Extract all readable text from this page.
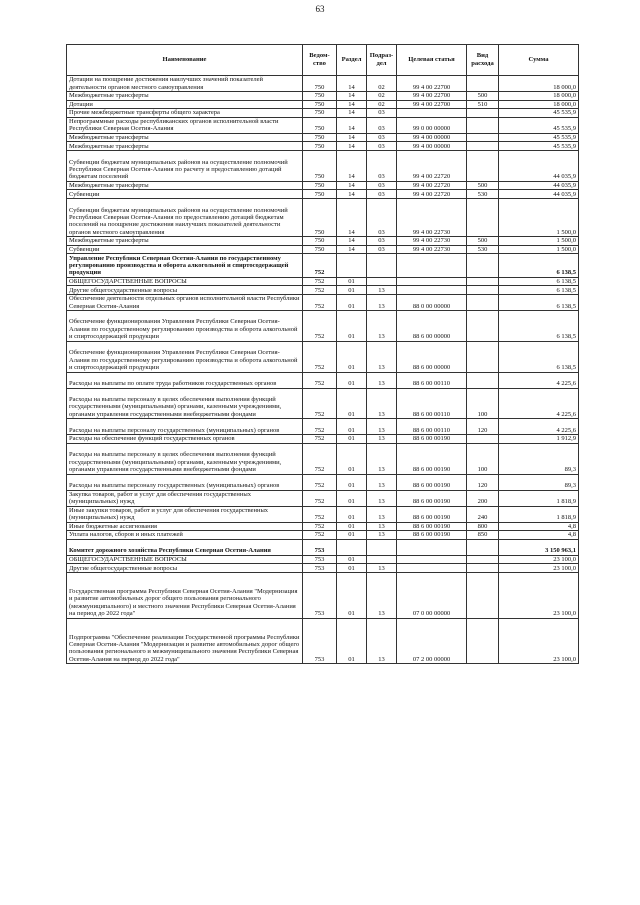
63
Наименование	Ведом-ство	Раздел	Подраз-дел	Целевая статья	Вид расхода	Сумма
Дотации на поощрение достижения наилучших значений показателей деятельности органов местного самоуправления	750	14	02	99 4 00 22700		18 000,0
Межбюджетные трансферты	750	14	02	99 4 00 22700	500	18 000,0
Дотации	750	14	02	99 4 00 22700	510	18 000,0
Прочие межбюджетные трансферты общего характера	750	14	03			45 535,9
Непрограммные расходы республиканских органов исполнительной власти Республики Северная Осетия-Алания	750	14	03	99 0 00 00000		45 535,9
Межбюджетные трансферты	750	14	03	99 4 00 00000		45 535,9
Межбюджетные трансферты	750	14	03	99 4 00 00000		45 535,9
Субвенции бюджетам муниципальных районов на осуществление полномочий Республики Северная Осетия-Алания по расчету и предоставлению дотаций бюджетам поселений	750	14	03	99 4 00 22720		44 035,9
Межбюджетные трансферты	750	14	03	99 4 00 22720	500	44 035,9
Субвенции	750	14	03	99 4 00 22720	530	44 035,9
Субвенции бюджетам муниципальных районов на осуществление полномочий Республики Северная Осетия-Алания по предоставлению дотаций бюджетам поселений на поощрение достижения наилучших показателей деятельности органов местного самоуправления	750	14	03	99 4 00 22730		1 500,0
Межбюджетные трансферты	750	14	03	99 4 00 22730	500	1 500,0
Субвенции	750	14	03	99 4 00 22730	530	1 500,0
Управление Республики Северная Осетия-Алания по государственному регулированию производства и оборота алкогольной и спиртосодержащей продукции	752					6 138,5
ОБЩЕГОСУДАРСТВЕННЫЕ ВОПРОСЫ	752	01				6 138,5
Другие общегосударственные вопросы	752	01	13			6 138,5
Обеспечение деятельности отдельных органов исполнительной власти Республики Северная Осетия-Алания	752	01	13	88 0 00 00000		6 138,5
Обеспечение функционирования Управления Республики Северная Осетия-Алания по государственному регулированию производства и оборота алкогольной и спиртосодержащей продукции	752	01	13	88 6 00 00000		6 138,5
Обеспечение функционирования Управления Республики Северная Осетия-Алания по государственному регулированию производства и оборота алкогольной и спиртосодержащей продукции	752	01	13	88 6 00 00000		6 138,5
Расходы на выплаты по оплате труда работников государственных органов	752	01	13	88 6 00 00110		4 225,6
Расходы на выплаты персоналу в целях обеспечения выполнения функций государственными (муниципальными) органами, казенными учреждениями, органами управления государственными внебюджетными фондами	752	01	13	88 6 00 00110	100	4 225,6
Расходы на выплаты персоналу государственных (муниципальных) органов	752	01	13	88 6 00 00110	120	4 225,6
Расходы на обеспечение функций государственных органов	752	01	13	88 6 00 00190		1 912,9
Расходы на выплаты персоналу в целях обеспечения выполнения функций государственными (муниципальными) органами, казенными учреждениями, органами управления государственными внебюджетными фондами	752	01	13	88 6 00 00190	100	89,3
Расходы на выплаты персоналу государственных (муниципальных) органов	752	01	13	88 6 00 00190	120	89,3
Закупка товаров, работ и услуг для обеспечения государственных (муниципальных) нужд	752	01	13	88 6 00 00190	200	1 818,9
Иные закупки товаров, работ и услуг для обеспечения государственных (муниципальных) нужд	752	01	13	88 6 00 00190	240	1 818,9
Иные бюджетные ассигнования	752	01	13	88 6 00 00190	800	4,8
Уплата налогов, сборов и иных платежей	752	01	13	88 6 00 00190	850	4,8
Комитет дорожного хозяйства Республики Северная Осетия-Алания	753					3 150 963,1
ОБЩЕГОСУДАРСТВЕННЫЕ ВОПРОСЫ	753	01				23 100,0
Другие общегосударственные вопросы	753	01	13			23 100,0
Государственная программа Республики Северная Осетия-Алания "Модернизация и развитие автомобильных дорог общего пользования регионального (межмуниципального) и местного значения Республики Северная Осетия-Алания на период до 2022 года"	753	01	13	07 0 00 00000		23 100,0
Подпрограмма "Обеспечение реализации Государственной программы Республики Северная Осетия-Алания "Модернизация и развитие автомобильных дорог общего пользования регионального и межмуниципального значения Республики Северная Осетия-Алания на период до 2022 года"	753	01	13	07 2 00 00000		23 100,0
